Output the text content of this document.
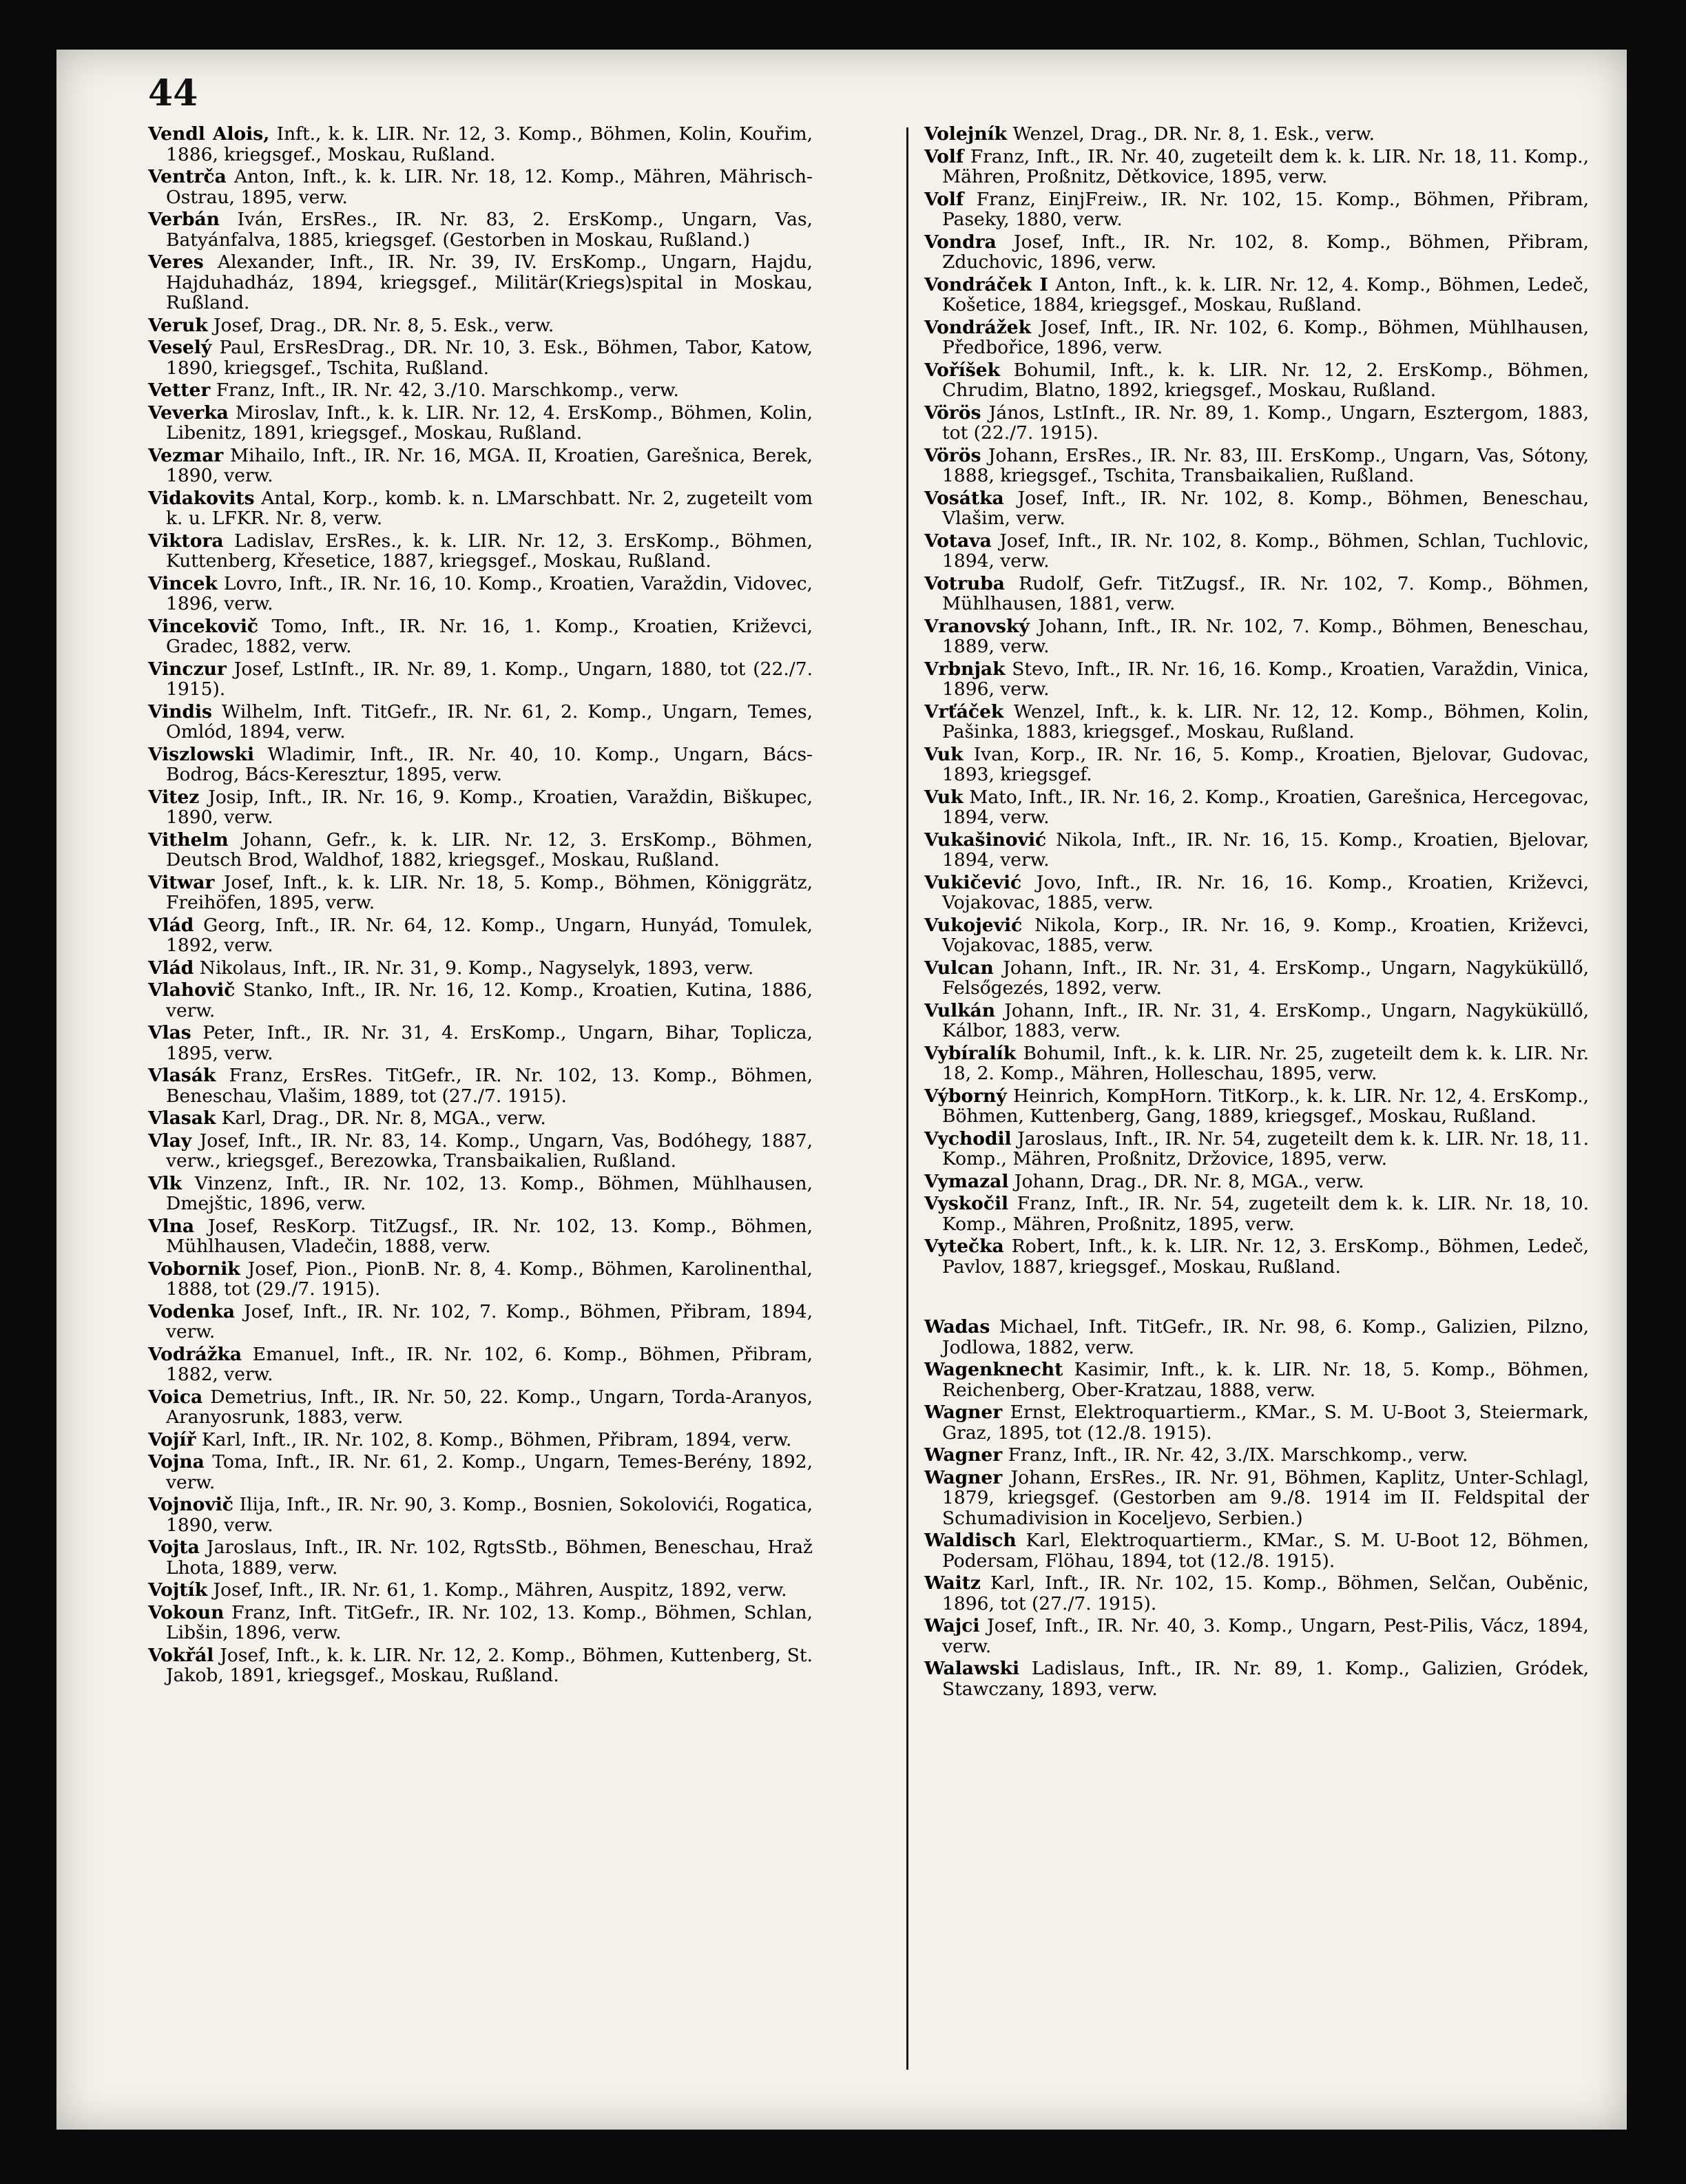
44

Vendl Alois, Inft., k. k. LIR. Nr. 12, 3. Komp., Böhmen, Kolin, Kouřim, 1886, kriegsgef., Moskau, Rußland.

Ventrča Anton, Inft., k. k. LIR. Nr. 18, 12. Komp., Mähren, Mährisch-Ostrau, 1895, verw.

Verbán Iván, ErsRes., IR. Nr. 83, 2. ErsKomp., Ungarn, Vas, Batyánfalva, 1885, kriegsgef. (Gestorben in Moskau, Rußland.)

Veres Alexander, Inft., IR. Nr. 39, IV. ErsKomp., Ungarn, Hajdu, Hajduhadház, 1894, kriegsgef., Militär(Kriegs)spital in Moskau, Rußland.

Veruk Josef, Drag., DR. Nr. 8, 5. Esk., verw.

Veselý Paul, ErsResDrag., DR. Nr. 10, 3. Esk., Böhmen, Tabor, Katow, 1890, kriegsgef., Tschita, Rußland.

Vetter Franz, Inft., IR. Nr. 42, 3./10. Marschkomp., verw.

Veverka Miroslav, Inft., k. k. LIR. Nr. 12, 4. ErsKomp., Böhmen, Kolin, Libenitz, 1891, kriegsgef., Moskau, Rußland.

Vezmar Mihailo, Inft., IR. Nr. 16, MGA. II, Kroatien, Garešnica, Berek, 1890, verw.

Vidakovits Antal, Korp., komb. k. n. LMarschbatt. Nr. 2, zugeteilt vom k. u. LFKR. Nr. 8, verw.

Viktora Ladislav, ErsRes., k. k. LIR. Nr. 12, 3. ErsKomp., Böhmen, Kuttenberg, Křesetice, 1887, kriegsgef., Moskau, Rußland.

Vincek Lovro, Inft., IR. Nr. 16, 10. Komp., Kroatien, Varaždin, Vidovec, 1896, verw.

Vincekovič Tomo, Inft., IR. Nr. 16, 1. Komp., Kroatien, Križevci, Gradec, 1882, verw.

Vinczur Josef, LstInft., IR. Nr. 89, 1. Komp., Ungarn, 1880, tot (22./7. 1915).

Vindis Wilhelm, Inft. TitGefr., IR. Nr. 61, 2. Komp., Ungarn, Temes, Omlód, 1894, verw.

Viszlowski Wladimir, Inft., IR. Nr. 40, 10. Komp., Ungarn, Bács-Bodrog, Bács-Keresztur, 1895, verw.

Vitez Josip, Inft., IR. Nr. 16, 9. Komp., Kroatien, Varaždin, Biškupec, 1890, verw.

Vithelm Johann, Gefr., k. k. LIR. Nr. 12, 3. ErsKomp., Böhmen, Deutsch Brod, Waldhof, 1882, kriegsgef., Moskau, Rußland.

Vitwar Josef, Inft., k. k. LIR. Nr. 18, 5. Komp., Böhmen, Königgrätz, Freihöfen, 1895, verw.

Vlád Georg, Inft., IR. Nr. 64, 12. Komp., Ungarn, Hunyád, Tomulek, 1892, verw.

Vlád Nikolaus, Inft., IR. Nr. 31, 9. Komp., Nagyselyk, 1893, verw.

Vlahovič Stanko, Inft., IR. Nr. 16, 12. Komp., Kroatien, Kutina, 1886, verw.

Vlas Peter, Inft., IR. Nr. 31, 4. ErsKomp., Ungarn, Bihar, Toplicza, 1895, verw.

Vlasák Franz, ErsRes. TitGefr., IR. Nr. 102, 13. Komp., Böhmen, Beneschau, Vlašim, 1889, tot (27./7. 1915).

Vlasak Karl, Drag., DR. Nr. 8, MGA., verw.

Vlay Josef, Inft., IR. Nr. 83, 14. Komp., Ungarn, Vas, Bodóhegy, 1887, verw., kriegsgef., Berezowka, Transbaikalien, Rußland.

Vlk Vinzenz, Inft., IR. Nr. 102, 13. Komp., Böhmen, Mühlhausen, Dmejštic, 1896, verw.

Vlna Josef, ResKorp. TitZugsf., IR. Nr. 102, 13. Komp., Böhmen, Mühlhausen, Vladečin, 1888, verw.

Vobornik Josef, Pion., PionB. Nr. 8, 4. Komp., Böhmen, Karolinenthal, 1888, tot (29./7. 1915).

Vodenka Josef, Inft., IR. Nr. 102, 7. Komp., Böhmen, Přibram, 1894, verw.

Vodrážka Emanuel, Inft., IR. Nr. 102, 6. Komp., Böhmen, Přibram, 1882, verw.

Voica Demetrius, Inft., IR. Nr. 50, 22. Komp., Ungarn, Torda-Aranyos, Aranyosrunk, 1883, verw.

Vojíř Karl, Inft., IR. Nr. 102, 8. Komp., Böhmen, Přibram, 1894, verw.

Vojna Toma, Inft., IR. Nr. 61, 2. Komp., Ungarn, Temes-Berény, 1892, verw.

Vojnovič Ilija, Inft., IR. Nr. 90, 3. Komp., Bosnien, Sokolovići, Rogatica, 1890, verw.

Vojta Jaroslaus, Inft., IR. Nr. 102, RgtsStb., Böhmen, Beneschau, Hraž Lhota, 1889, verw.

Vojtík Josef, Inft., IR. Nr. 61, 1. Komp., Mähren, Auspitz, 1892, verw.

Vokoun Franz, Inft. TitGefr., IR. Nr. 102, 13. Komp., Böhmen, Schlan, Libšin, 1896, verw.

Vokřál Josef, Inft., k. k. LIR. Nr. 12, 2. Komp., Böhmen, Kuttenberg, St. Jakob, 1891, kriegsgef., Moskau, Rußland.

Volejník Wenzel, Drag., DR. Nr. 8, 1. Esk., verw.

Volf Franz, Inft., IR. Nr. 40, zugeteilt dem k. k. LIR. Nr. 18, 11. Komp., Mähren, Proßnitz, Dětkovice, 1895, verw.

Volf Franz, EinjFreiw., IR. Nr. 102, 15. Komp., Böhmen, Přibram, Paseky, 1880, verw.

Vondra Josef, Inft., IR. Nr. 102, 8. Komp., Böhmen, Přibram, Zduchovic, 1896, verw.

Vondráček I Anton, Inft., k. k. LIR. Nr. 12, 4. Komp., Böhmen, Ledeč, Košetice, 1884, kriegsgef., Moskau, Rußland.

Vondrážek Josef, Inft., IR. Nr. 102, 6. Komp., Böhmen, Mühlhausen, Předbořice, 1896, verw.

Voříšek Bohumil, Inft., k. k. LIR. Nr. 12, 2. ErsKomp., Böhmen, Chrudim, Blatno, 1892, kriegsgef., Moskau, Rußland.

Vörös János, LstInft., IR. Nr. 89, 1. Komp., Ungarn, Esztergom, 1883, tot (22./7. 1915).

Vörös Johann, ErsRes., IR. Nr. 83, III. ErsKomp., Ungarn, Vas, Sótony, 1888, kriegsgef., Tschita, Transbaikalien, Rußland.

Vosátka Josef, Inft., IR. Nr. 102, 8. Komp., Böhmen, Beneschau, Vlašim, verw.

Votava Josef, Inft., IR. Nr. 102, 8. Komp., Böhmen, Schlan, Tuchlovic, 1894, verw.

Votruba Rudolf, Gefr. TitZugsf., IR. Nr. 102, 7. Komp., Böhmen, Mühlhausen, 1881, verw.

Vranovský Johann, Inft., IR. Nr. 102, 7. Komp., Böhmen, Beneschau, 1889, verw.

Vrbnjak Stevo, Inft., IR. Nr. 16, 16. Komp., Kroatien, Varaždin, Vinica, 1896, verw.

Vrťáček Wenzel, Inft., k. k. LIR. Nr. 12, 12. Komp., Böhmen, Kolin, Pašinka, 1883, kriegsgef., Moskau, Rußland.

Vuk Ivan, Korp., IR. Nr. 16, 5. Komp., Kroatien, Bjelovar, Gudovac, 1893, kriegsgef.

Vuk Mato, Inft., IR. Nr. 16, 2. Komp., Kroatien, Garešnica, Hercegovac, 1894, verw.

Vukašinović Nikola, Inft., IR. Nr. 16, 15. Komp., Kroatien, Bjelovar, 1894, verw.

Vukičević Jovo, Inft., IR. Nr. 16, 16. Komp., Kroatien, Križevci, Vojakovac, 1885, verw.

Vukojević Nikola, Korp., IR. Nr. 16, 9. Komp., Kroatien, Križevci, Vojakovac, 1885, verw.

Vulcan Johann, Inft., IR. Nr. 31, 4. ErsKomp., Ungarn, Nagyküküllő, Felsőgezés, 1892, verw.

Vulkán Johann, Inft., IR. Nr. 31, 4. ErsKomp., Ungarn, Nagyküküllő, Kálbor, 1883, verw.

Vybíralík Bohumil, Inft., k. k. LIR. Nr. 25, zugeteilt dem k. k. LIR. Nr. 18, 2. Komp., Mähren, Holleschau, 1895, verw.

Výborný Heinrich, KompHorn. TitKorp., k. k. LIR. Nr. 12, 4. ErsKomp., Böhmen, Kuttenberg, Gang, 1889, kriegsgef., Moskau, Rußland.

Vychodil Jaroslaus, Inft., IR. Nr. 54, zugeteilt dem k. k. LIR. Nr. 18, 11. Komp., Mähren, Proßnitz, Držovice, 1895, verw.

Vymazal Johann, Drag., DR. Nr. 8, MGA., verw.

Vyskočil Franz, Inft., IR. Nr. 54, zugeteilt dem k. k. LIR. Nr. 18, 10. Komp., Mähren, Proßnitz, 1895, verw.

Vytečka Robert, Inft., k. k. LIR. Nr. 12, 3. ErsKomp., Böhmen, Ledeč, Pavlov, 1887, kriegsgef., Moskau, Rußland.

Wadas Michael, Inft. TitGefr., IR. Nr. 98, 6. Komp., Galizien, Pilzno, Jodlowa, 1882, verw.

Wagenknecht Kasimir, Inft., k. k. LIR. Nr. 18, 5. Komp., Böhmen, Reichenberg, Ober-Kratzau, 1888, verw.

Wagner Ernst, Elektroquartierm., KMar., S. M. U-Boot 3, Steiermark, Graz, 1895, tot (12./8. 1915).

Wagner Franz, Inft., IR. Nr. 42, 3./IX. Marschkomp., verw.

Wagner Johann, ErsRes., IR. Nr. 91, Böhmen, Kaplitz, Unter-Schlagl, 1879, kriegsgef. (Gestorben am 9./8. 1914 im II. Feldspital der Schumadivision in Koceljevo, Serbien.)

Waldisch Karl, Elektroquartierm., KMar., S. M. U-Boot 12, Böhmen, Podersam, Flöhau, 1894, tot (12./8. 1915).

Waitz Karl, Inft., IR. Nr. 102, 15. Komp., Böhmen, Selčan, Ouběnic, 1896, tot (27./7. 1915).

Wajci Josef, Inft., IR. Nr. 40, 3. Komp., Ungarn, Pest-Pilis, Vácz, 1894, verw.

Walawski Ladislaus, Inft., IR. Nr. 89, 1. Komp., Galizien, Gródek, Stawczany, 1893, verw.
